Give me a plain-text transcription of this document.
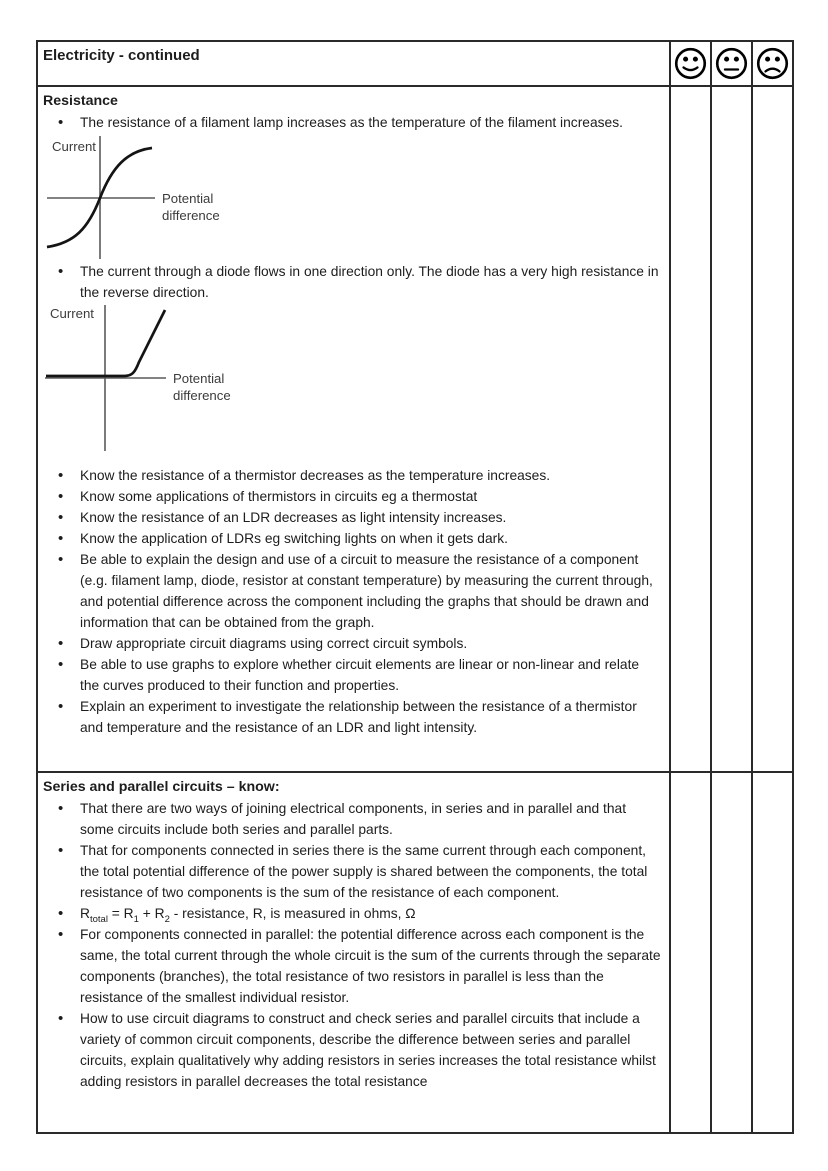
Electricity - continued	

Resistance
• The resistance of a filament lamp increases as the temperature of the filament increases.
Current
Potential
difference
• The current through a diode flows in one direction only. The diode has a very high resistance in the reverse direction.
Current
Potential
difference
• Know the resistance of a thermistor decreases as the temperature increases.
• Know some applications of thermistors in circuits eg a thermostat
• Know the resistance of an LDR decreases as light intensity increases.
• Know the application of LDRs eg switching lights on when it gets dark.
• Be able to explain the design and use of a circuit to measure the resistance of a component (e.g. filament lamp, diode, resistor at constant temperature) by measuring the current through, and potential difference across the component including the graphs that should be drawn and information that can be obtained from the graph.
• Draw appropriate circuit diagrams using correct circuit symbols.
• Be able to use graphs to explore whether circuit elements are linear or non-linear and relate the curves produced to their function and properties.
• Explain an experiment to investigate the relationship between the resistance of a thermistor and temperature and the resistance of an LDR and light intensity.

Series and parallel circuits – know:
• That there are two ways of joining electrical components, in series and in parallel and that some circuits include both series and parallel parts.
• That for components connected in series there is the same current through each component, the total potential difference of the power supply is shared between the components, the total resistance of two components is the sum of the resistance of each component.
• $R_{total} = R_1 + R_2$ - resistance, R, is measured in ohms, Ω
• For components connected in parallel: the potential difference across each component is the same, the total current through the whole circuit is the sum of the currents through the separate components (branches), the total resistance of two resistors in parallel is less than the resistance of the smallest individual resistor.
• How to use circuit diagrams to construct and check series and parallel circuits that include a variety of common circuit components, describe the difference between series and parallel circuits, explain qualitatively why adding resistors in series increases the total resistance whilst adding resistors in parallel decreases the total resistance
